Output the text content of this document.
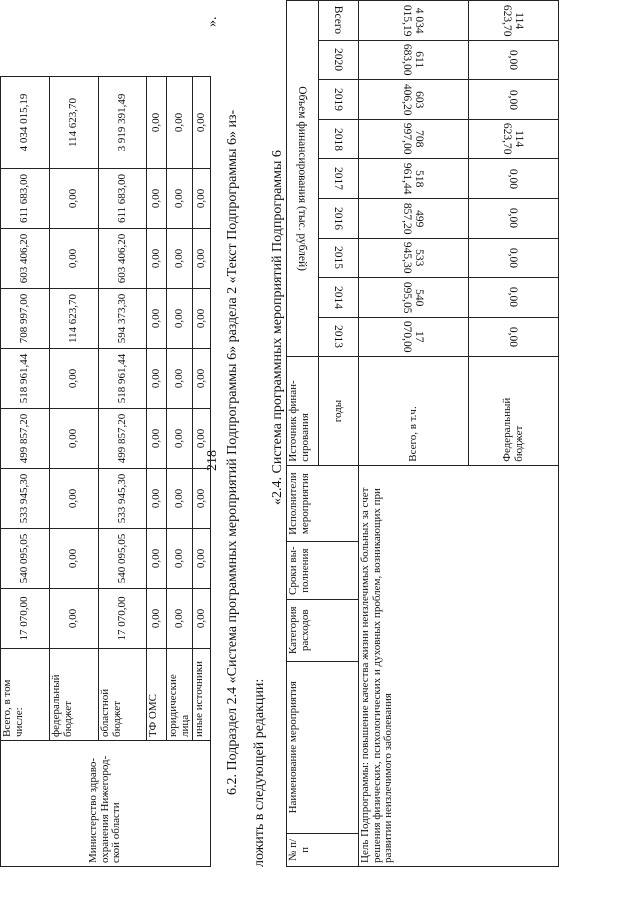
218
Министерство здраво-охранения Нижегород-ской области	Всего, в том числе:	17 070,00	540 095,05	533 945,30	499 857,20	518 961,44	708 997,00	603 406,20	611 683,00	4 034 015,19
	федеральный бюджет	0,00	0,00	0,00	0,00	0,00	114 623,70	0,00	0,00	114 623,70
	областной бюджет	17 070,00	540 095,05	533 945,30	499 857,20	518 961,44	594 373,30	603 406,20	611 683,00	3 919 391,49
	ТФ ОМС	0,00	0,00	0,00	0,00	0,00	0,00	0,00	0,00	0,00
	юридические лица	0,00	0,00	0,00	0,00	0,00	0,00	0,00	0,00	0,00
	иные источники	0,00	0,00	0,00	0,00	0,00	0,00	0,00	0,00	0,00 6.2. Подраздел 2.4 «Система программных мероприятий Подпрограммы 6» раздела 2 «Текст Подпрограммы 6» из- ложить в следующей редакции:
».
«2.4. Система программных мероприятий Подпрограммы 6
№ п/п	Наименование мероприятия	Категория расходов	Сроки вы-полнения	Исполнители мероприятия	Источник финан-сирования	Объем финансирования (тыс. рублей)								
					годы	2013	2014	2015	2016	2017	2018	2019	2020	Всего
Цель Подпрограммы: повышение качества жизни неизлечимых больных за счет решения физических, психологических и духовных проблем, возникающих при развитии неизлечимого заболевания					Всего, в т.ч.	17 070,00	540 095,05	533 945,30	499 857,20	518 961,44	708 997,00	603 406,20	611 683,00	4 034 015,19
					Федеральный бюджет	0,00	0,00	0,00	0,00	0,00	114 623,70	0,00	0,00	114 623,70
